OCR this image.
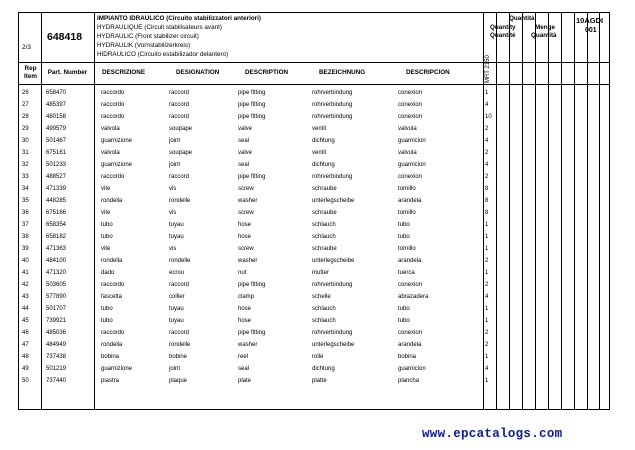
2/3
648418
IMPIANTO IDRAULICO (Circuito stabilizzatori anteriori)
HYDRAULIQUE (Circuit stabilisateurs avant)
HYDRAULIC (Front stabilizer circuit)
HYDRAULIK (Vornstabilizerkreis)
HIDRAULICO (Circuito estabilizador delantero)
Quantità
Quantity	Menge
Quantité Quantità
10AGDI
001
Rep
Item
Part. Number	DESCRIZIONE	DESIGNATION	DESCRIPTION	BEZEICHNUNG	DESCRIPCION	MRT 2150
26	658470	raccordo	raccord	pipe fitting	rohrverbindung	conexion	1
27	485397	raccordo	raccord	pipe fitting	rohrverbindung	conexion	4
28	480158	raccordo	raccord	pipe fitting	rohrverbindung	conexion	10
29	499579	valvola	soupape	valve	ventil	valvula	2
30	501467	guarnizione	joint	seal	dichtung	guarnicion	4
31	675161	valvola	soupape	valve	ventil	valvula	2
32	501233	guarnizione	joint	seal	dichtung	guarnicion	4
33	488527	raccordo	raccord	pipe fitting	rohrverbindung	conexion	2
34	471339	vite	vis	screw	schraube	tornillo	8
35	448285	rondella	rondelle	washer	unterlegscheibe	arandela	8
36	675166	vite	vis	screw	schraube	tornillo	8
37	658354	tubo	tuyau	hose	schlauch	tubo	1
38	658182	tubo	tuyau	hose	schlauch	tubo	1
39	471363	vite	vis	screw	schraube	tornillo	1
40	484100	rondella	rondelle	washer	unterlegscheibe	arandela	2
41	471320	dado	ecrou	nut	mutter	tuerca	1
42	503605	raccordo	raccord	pipe fitting	rohrverbindung	conexion	2
43	577890	fascetta	collier	clamp	schelle	abrazadera	4
44	501707	tubo	tuyau	hose	schlauch	tubo	1
45	739921	tubo	tuyau	hose	schlauch	tubo	1
46	485036	raccordo	raccord	pipe fitting	rohrverbindung	conexion	2
47	484949	rondella	rondelle	washer	unterlegscheibe	arandela	2
48	737438	bobina	bobine	reel	rolle	bobina	1
49	501219	guarnizione	joint	seal	dichtung	guarnicion	4
50	737440	piastra	plaque	plate	platte	plancha	1
www.epcatalogs.com
